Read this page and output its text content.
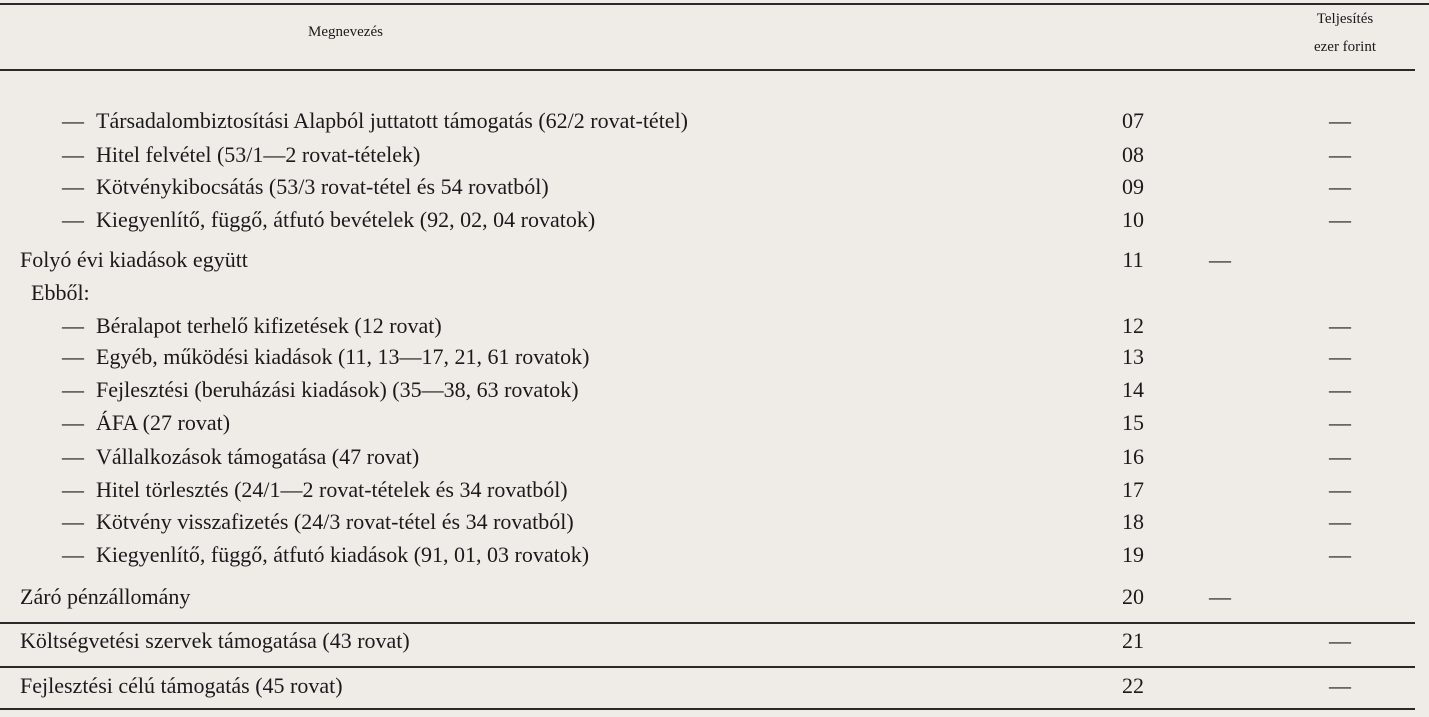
Megnevezés
Teljesítés
ezer forint
— Társadalombiztosítási Alapból juttatott támogatás (62/2 rovat-tétel)	07	—
— Hitel felvétel (53/1—2 rovat-tételek)	08	—
— Kötvénykibocsátás (53/3 rovat-tétel és 54 rovatból)	09	—
— Kiegyenlítő, függő, átfutó bevételek (92, 02, 04 rovatok)	10	—
Folyó évi kiadások együtt	11	—
Ebből:
— Béralapot terhelő kifizetések (12 rovat)	12	—
— Egyéb, működési kiadások (11, 13—17, 21, 61 rovatok)	13	—
— Fejlesztési (beruházási kiadások) (35—38, 63 rovatok)	14	—
— ÁFA (27 rovat)	15	—
— Vállalkozások támogatása (47 rovat)	16	—
— Hitel törlesztés (24/1—2 rovat-tételek és 34 rovatból)	17	—
— Kötvény visszafizetés (24/3 rovat-tétel és 34 rovatból)	18	—
— Kiegyenlítő, függő, átfutó kiadások (91, 01, 03 rovatok)	19	—
Záró pénzállomány	20	—
Költségvetési szervek támogatása (43 rovat)	21	—
Fejlesztési célú támogatás (45 rovat)	22	—
